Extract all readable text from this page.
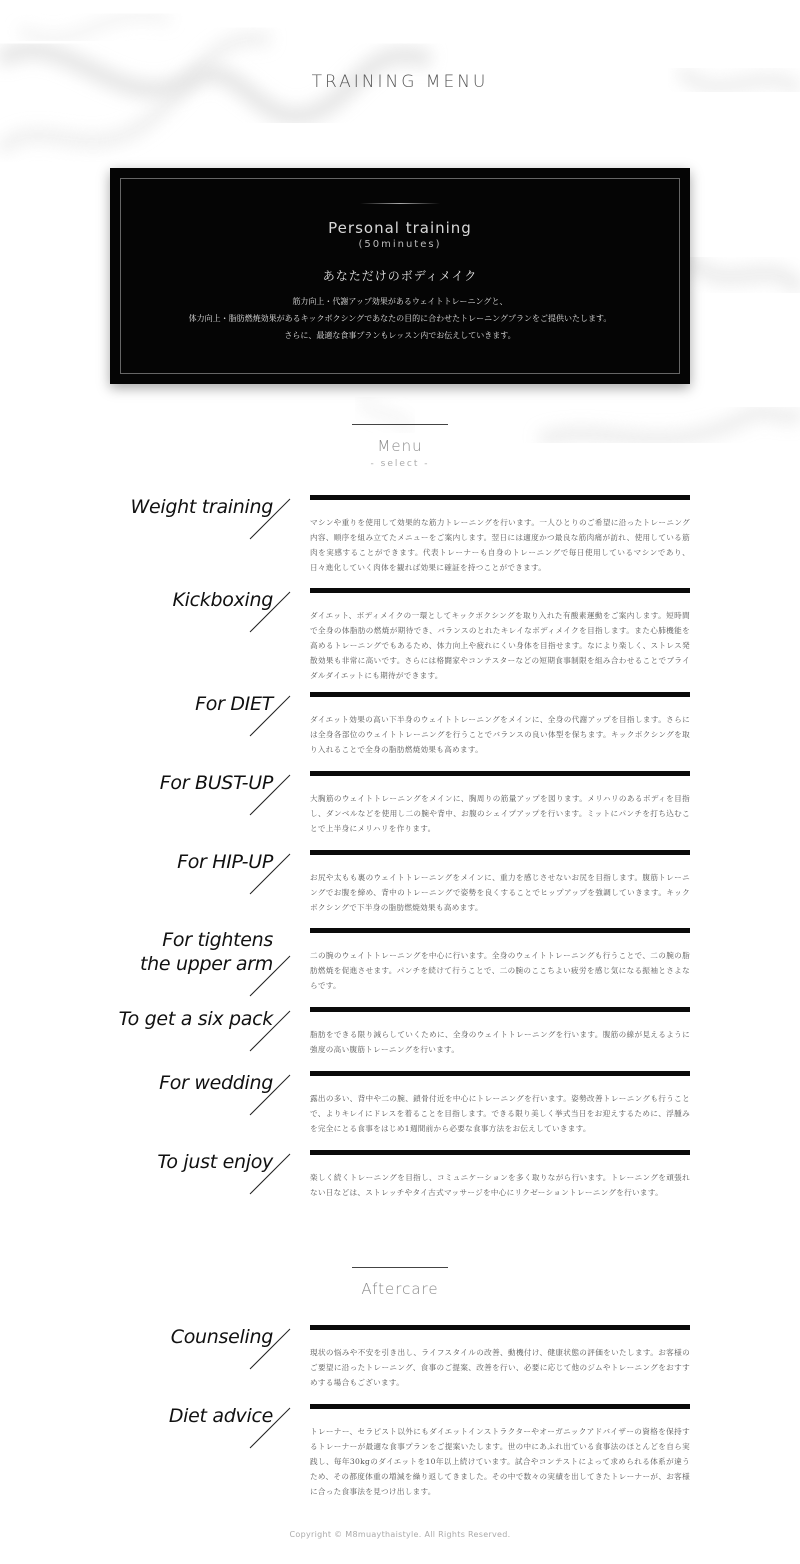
TRAINING MENU
Personal training
(50minutes)
あなただけのボディメイク
筋力向上・代謝アップ効果があるウェイトトレーニングと、
体力向上・脂肪燃焼効果があるキックボクシングであなたの目的に合わせたトレーニングプランをご提供いたします。
さらに、最適な食事プランもレッスン内でお伝えしていきます。
Menu
- select -
Weight training
マシンや重りを使用して効果的な筋力トレーニングを行います。一人ひとりのご希望に沿ったトレーニング内容、順序を組み立てたメニューをご案内します。翌日には適度かつ最良な筋肉痛が訪れ、使用している筋肉を実感することができます。代表トレーナーも自身のトレーニングで毎日使用しているマシンであり、日々進化していく肉体を観れば効果に確証を持つことができます。
Kickboxing
ダイエット、ボディメイクの一環としてキックボクシングを取り入れた有酸素運動をご案内します。短時間で全身の体脂肪の燃焼が期待でき、バランスのとれたキレイなボディメイクを目指します。また心肺機能を高めるトレーニングでもあるため、体力向上や疲れにくい身体を目指せます。なにより楽しく、ストレス発散効果も非常に高いです。さらには格闘家やコンテスターなどの短期食事制限を組み合わせることでブライダルダイエットにも期待ができます。
For DIET
ダイエット効果の高い下半身のウェイトトレーニングをメインに、全身の代謝アップを目指します。さらには全身各部位のウェイトトレーニングを行うことでバランスの良い体型を保ちます。キックボクシングを取り入れることで全身の脂肪燃焼効果も高めます。
For BUST-UP
大胸筋のウェイトトレーニングをメインに、胸周りの筋量アップを図ります。メリハリのあるボディを目指し、ダンベルなどを使用し二の腕や背中、お腹のシェイプアップを行います。ミットにパンチを打ち込むことで上半身にメリハリを作ります。
For HIP-UP
お尻や太もも裏のウェイトトレーニングをメインに、重力を感じさせないお尻を目指します。腹筋トレーニングでお腹を締め、背中のトレーニングで姿勢を良くすることでヒップアップを強調していきます。キックボクシングで下半身の脂肪燃焼効果も高めます。
For tightens
the upper arm	二の腕のウェイトトレーニングを中心に行います。全身のウェイトトレーニングも行うことで、二の腕の脂肪燃焼を促進させます。パンチを続けて行うことで、二の腕のここちよい疲労を感じ気になる振袖とさよならです。
To get a six pack
脂肪をできる限り減らしていくために、全身のウェイトトレーニングを行います。腹筋の線が見えるように強度の高い腹筋トレーニングを行います。
For wedding
露出の多い、背中や二の腕、鎖骨付近を中心にトレーニングを行います。姿勢改善トレーニングも行うことで、よりキレイにドレスを着ることを目指します。できる限り美しく挙式当日をお迎えするために、浮腫みを完全にとる食事をはじめ1週間前から必要な食事方法をお伝えしていきます。
To just enjoy
楽しく続くトレーニングを目指し、コミュニケーションを多く取りながら行います。トレーニングを頑張れない日などは、ストレッチやタイ古式マッサージを中心にリクゼーショントレーニングを行います。
Aftercare
Counseling
現状の悩みや不安を引き出し、ライフスタイルの改善、動機付け、健康状態の評価をいたします。お客様のご要望に沿ったトレーニング、食事のご提案、改善を行い、必要に応じて他のジムやトレーニングをおすすめする場合もございます。
Diet advice
トレーナー、セラピスト以外にもダイエットインストラクターやオーガニックアドバイザーの資格を保持するトレーナーが最適な食事プランをご提案いたします。世の中にあふれ出ている食事法のほとんどを自ら実践し、毎年30kgのダイエットを10年以上続けています。試合やコンテストによって求められる体系が違うため、その都度体重の増減を繰り返してきました。その中で数々の実績を出してきたトレーナーが、お客様に合った食事法を見つけ出します。
Copyright © M8muaythaistyle. All Rights Reserved.
